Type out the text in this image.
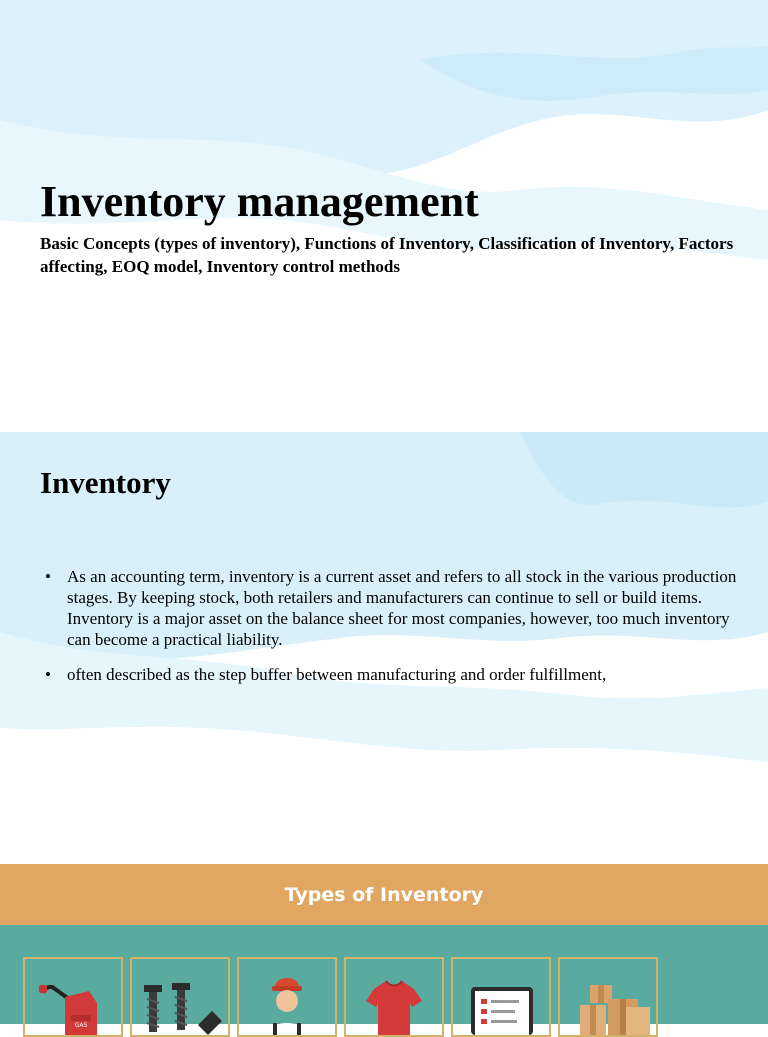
Inventory management

Basic Concepts (types of inventory), Functions of Inventory, Classification of Inventory, Factors affecting, EOQ model, Inventory control methods

Inventory
• As an accounting term, inventory is a current asset and refers to all stock in the various production stages. By keeping stock, both retailers and manufacturers can continue to sell or build items. Inventory is a major asset on the balance sheet for most companies, however, too much inventory can become a practical liability.
• often described as the step buffer between manufacturing and order fulfillment,
Types of Inventory
GAS
